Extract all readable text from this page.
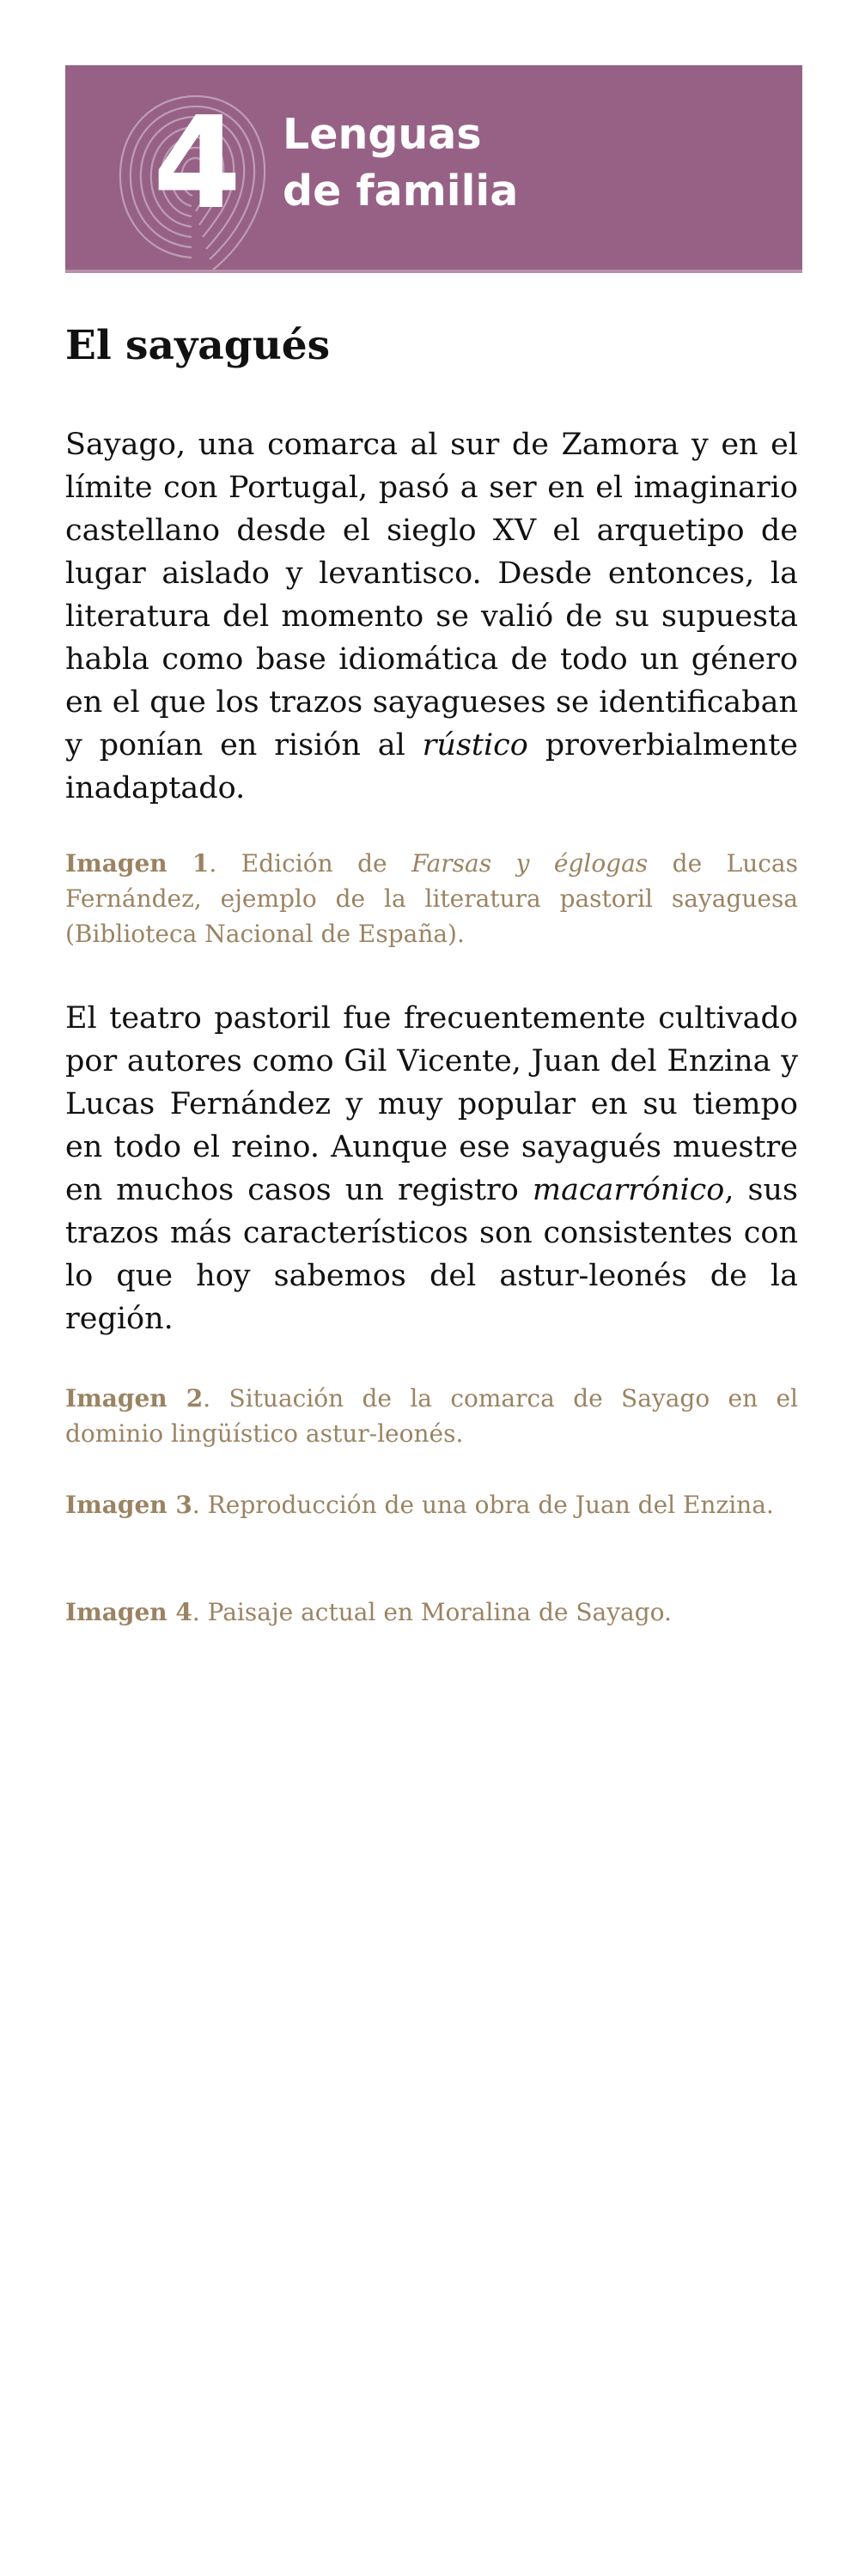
4 Lenguas
de familia
El sayagués

Sayago, una comarca al sur de Zamora y en el límite con Portugal, pasó a ser en el imaginario castellano desde el sieglo XV el arquetipo de lugar aislado y levantisco. Desde entonces, la literatura del momento se valió de su supuesta habla como base idiomática de todo un género en el que los trazos sayagueses se identificaban y ponían en risión al rústico proverbialmente inadaptado.

Imagen 1. Edición de Farsas y églogas de Lucas Fernández, ejemplo de la literatura pastoril sayaguesa (Biblioteca Nacional de España).

El teatro pastoril fue frecuentemente cultivado por autores como Gil Vicente, Juan del Enzina y Lucas Fernández y muy popular en su tiempo en todo el reino. Aunque ese sayagués muestre en muchos casos un registro macarrónico, sus trazos más característicos son consistentes con lo que hoy sabemos del astur-leonés de la región.

Imagen 2. Situación de la comarca de Sayago en el dominio lingüístico astur-leonés.

Imagen 3. Reproducción de una obra de Juan del Enzina.

Imagen 4. Paisaje actual en Moralina de Sayago.
